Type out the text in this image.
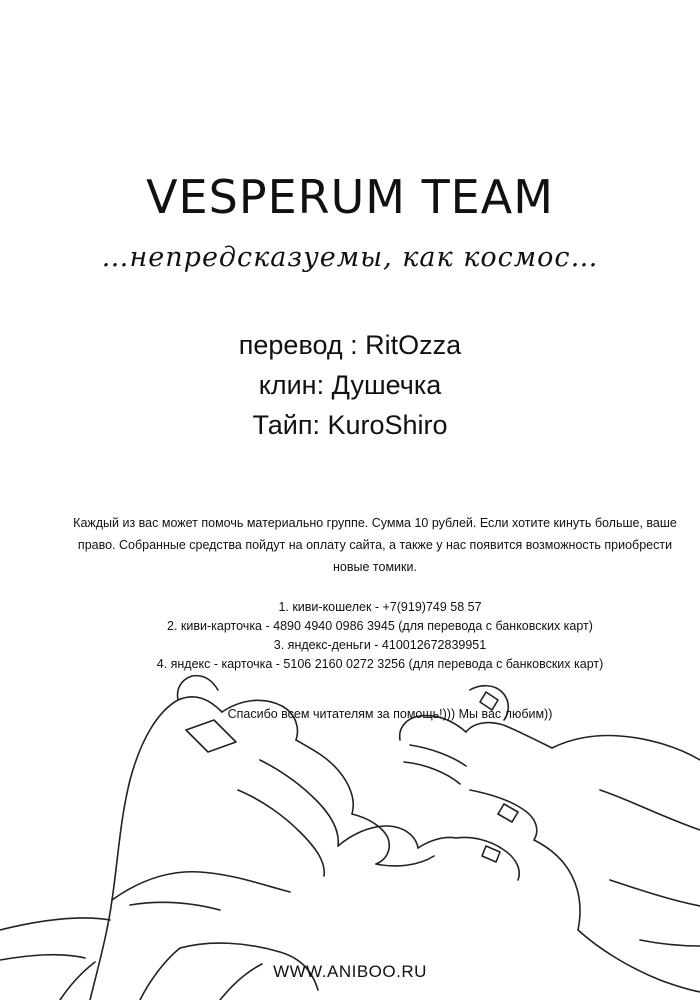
VESPERUM TEAM
…непредсказуемы, как космос…
перевод : RitOzza
клин: Душечка
Тайп: KuroShiro

Каждый из вас может помочь материально группе. Сумма 10 рублей. Если хотите кинуть больше, ваше право. Собранные средства пойдут на оплату сайта, а также у нас появится возможность приобрести новые томики.

1. киви-кошелек - +7(919)749 58 57
2. киви-карточка - 4890 4940 0986 3945 (для перевода с банковских карт)
3. яндекс-деньги - 410012672839951
4. яндекс - карточка - 5106 2160 0272 3256 (для перевода с банковских карт)
Спасибо всем читателям за помощь!))) Мы вас любим))
WWW.ANIBOO.RU
